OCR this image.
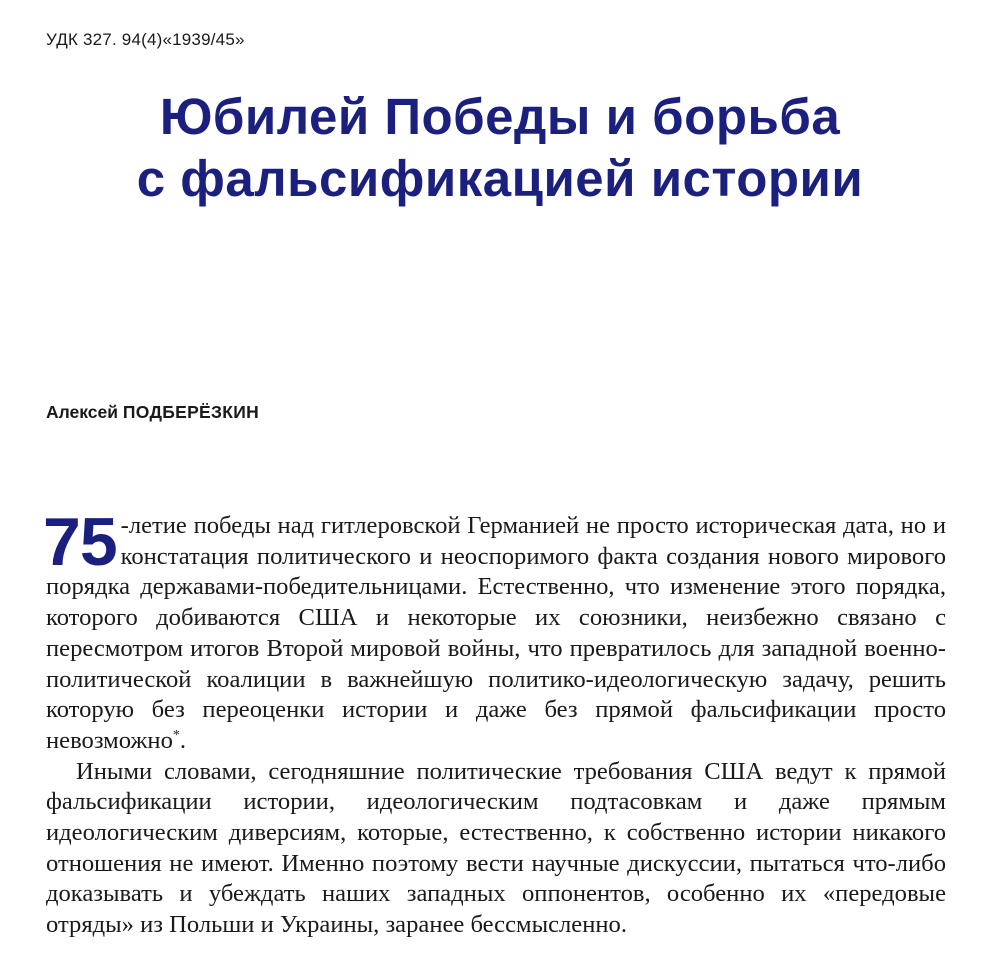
УДК 327. 94(4)«1939/45»
Юбилей Победы и борьба
с фальсификацией истории
Алексей ПОДБЕРЁЗКИН

75 -летие победы над гитлеровской Германией не просто историческая дата, но и констатация политического и неоспоримого факта создания нового мирового порядка державами-победительницами. Естественно, что изменение этого порядка, которого добиваются США и некоторые их союзники, неизбежно связано с пересмотром итогов Второй мировой войны, что превратилось для западной военно-политической коалиции в важнейшую политико-идеологическую задачу, решить которую без переоценки истории и даже без прямой фальсификации просто невозможно*.

Иными словами, сегодняшние политические требования США ведут к прямой фальсификации истории, идеологическим подтасовкам и даже прямым идеологическим диверсиям, которые, естественно, к собственно истории никакого отношения не имеют. Именно поэтому вести научные дискуссии, пытаться что-либо доказывать и убеждать наших западных оппонентов, особенно их «передовые отряды» из Польши и Украины, заранее бессмысленно.
